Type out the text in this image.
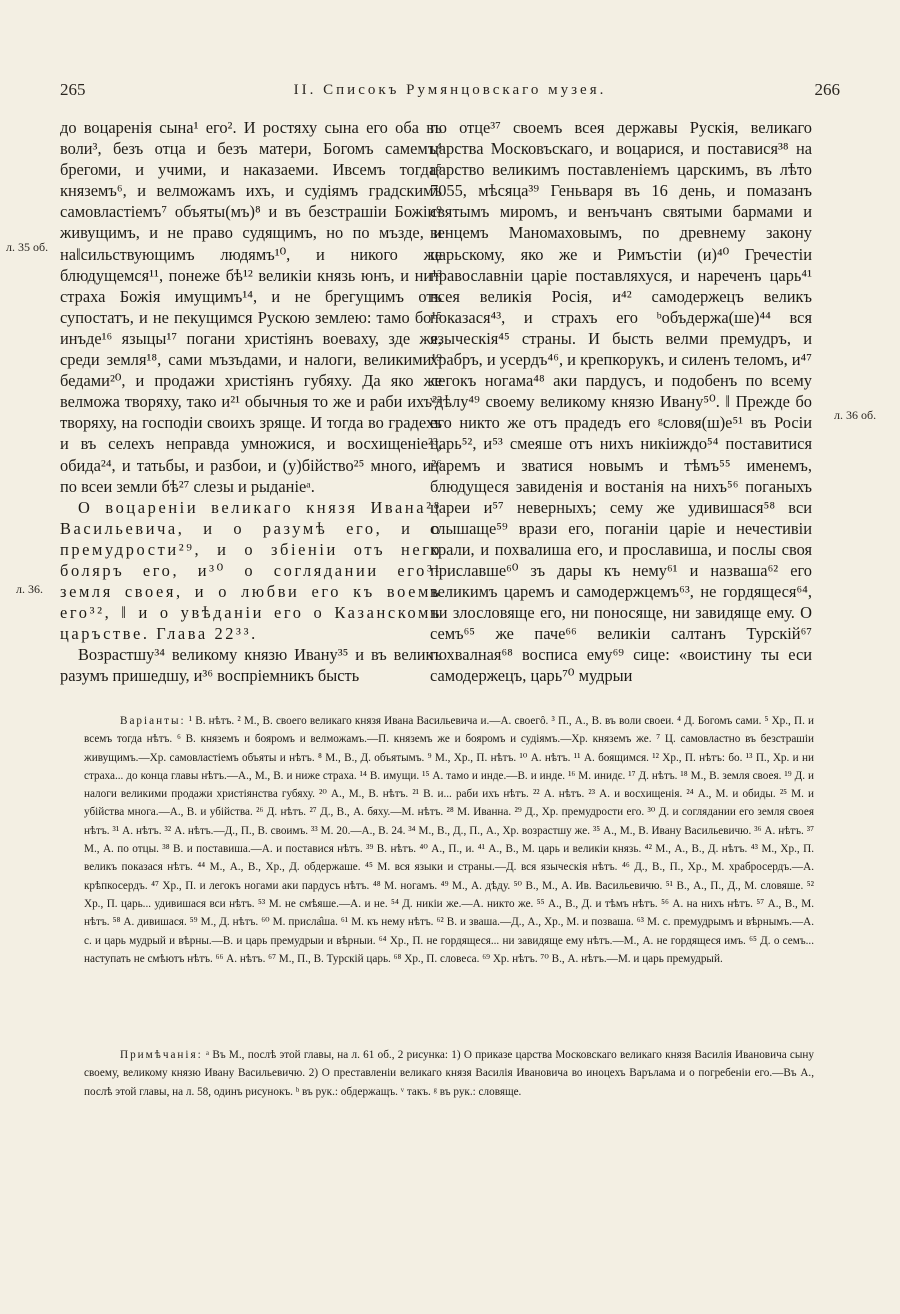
265	II. Списокъ Румянцовскаго музея.	266
л. 35 об.
л. 36.
л. 36 об.

до воцаренія сына¹ его². И ростяху сына его оба въ воли³, безъ отца и безъ матери, Богомъ самемъ⁴ брегоми, и учими, и наказаеми. Ивсемъ тогда⁵ княземъ⁶, и велможамъ ихъ, и судіямъ градскимъ самовластіемъ⁷ объяты(мъ)⁸ и въ безстрашіи Божіи⁹ живущимъ, и не право судящимъ, но по мъзде, и на‖сильствующимъ людямъ¹⁰, и никого же блюдущемся¹¹, понеже бѣ¹² великіи князь юнъ, и ни¹³ страха Божія имущимъ¹⁴, и не брегущимъ отъ супостатъ, и не пекущимся Рускою землею: тамо бо¹⁵ инъде¹⁶ языцы¹⁷ погани христіянъ воеваху, зде же, среди земля¹⁸, сами мъзъдами, и налоги, великими¹⁹ бедами²⁰, и продажи христіянъ губяху. Да яко же велможа творяху, тако и²¹ обычныя то же и раби ихъ²² творяху, на господіи своихъ зряще. И тогда во градехъ и въ селехъ неправда умножися, и восхищеніе²³, обида²⁴, и татьбы, и разбои, и (у)бійство²⁵ много, и²⁶ по всеи земли бѣ²⁷ слезы и рыданіеᵃ.

О воцареніи великаго князя Ивана²⁸ Васильевича, и о разумѣ его, и о премудрости²⁹, и о збіеніи отъ него боляръ его, и³⁰ о соглядании его³¹ земля своея, и о любви его къ воемъ его³², ‖ и о увѣданіи его о Казанскомъ царъстве. Глава 22³³.

Возрастшу³⁴ великому князю Ивану³⁵ и въ великъ разумъ пришедшу, и³⁶ воспріемникъ бысть

по отце³⁷ своемъ всея державы Рускія, великаго царства Московъскаго, и воцарися, и поставися³⁸ на царство великимъ поставленіемъ царскимъ, въ лѣто 7055, мѣсяца³⁹ Геньваря въ 16 день, и помазанъ святымъ миромъ, и венъчанъ святыми бармами и венцемъ Маномаховымъ, по древнему закону царьскому, яко же и Римъстіи (и)⁴⁰ Гречестіи православніи царіе поставляхуся, и нареченъ царь⁴¹ всея великія Росія, и⁴² самодержецъ великъ показася⁴³, и страхъ его ᵇобъдержа(ше)⁴⁴ вся языческія⁴⁵ страны. И бысть велми премудръ, и храбръ, и усердъ⁴⁶, и крепкорукъ, и силенъ теломъ, и⁴⁷ легокъ ногама⁴⁸ аки пардусъ, и подобенъ по всему ᵛдѣлу⁴⁹ своему великому князю Ивану⁵⁰. ‖ Прежде бо его никто же отъ прадедъ его ᵍсловя(ш)е⁵¹ въ Росіи царь⁵², и⁵³ смеяше отъ нихъ никіиждо⁵⁴ поставитися царемъ и зватися новымъ и тѣмъ⁵⁵ именемъ, блюдущеся завиденія и востанія на нихъ⁵⁶ поганыхъ цареи и⁵⁷ неверныхъ; сему же удивишася⁵⁸ вси слышаще⁵⁹ врази его, поганіи царіе и нечестивіи крали, и похвалиша его, и прославиша, и послы своя приславше⁶⁰ зъ дары къ нему⁶¹ и назваша⁶² его великимъ царемъ и самодержцемъ⁶³, не гордящеся⁶⁴, ни злословяще его, ни поносяще, ни завидяще ему. О семъ⁶⁵ же паче⁶⁶ великіи салтанъ Турскій⁶⁷ похвалная⁶⁸ воспиcа ему⁶⁹ сице: «воистину ты еси самодержецъ, царь⁷⁰ мудрыи

Варіанты: ¹ В. нѣтъ. ² М., В. своего великаго князя Ивана Васильевича и.—А. своегô. ³ П., А., В. въ воли своеи. ⁴ Д. Богомъ сами. ⁵ Хр., П. и всемъ тогда нѣтъ. ⁶ В. княземъ и бояромъ и велможамъ.—П. княземъ же и бояромъ и судіямъ.—Хр. княземъ же. ⁷ Ц. самовластно въ безстрашіи живущимъ.—Хр. самовластіемъ объяты и нѣтъ. ⁸ М., В., Д. объятымъ. ⁹ М., Хр., П. нѣтъ. ¹⁰ А. нѣтъ. ¹¹ А. боящимся. ¹² Хр., П. нѣтъ: бо. ¹³ П., Хр. и ни страха... до конца главы нѣтъ.—А., М., В. и ниже страха. ¹⁴ В. имущи. ¹⁵ А. тамо и инде.—В. и инде. ¹⁶ М. инидє. ¹⁷ Д. нѣтъ. ¹⁸ М., В. земля своея. ¹⁹ Д. и налоги великими продажи христіянства губяху. ²⁰ А., М., В. нѣтъ. ²¹ В. и... раби ихъ нѣтъ. ²² А. нѣтъ. ²³ А. и восхищенія. ²⁴ А., М. и обиды. ²⁵ М. и убійства многа.—А., В. и убійства. ²⁶ Д. нѣтъ. ²⁷ Д., В., А. бяху.—М. нѣтъ. ²⁸ М. Иванна. ²⁹ Д., Хр. премудрости его. ³⁰ Д. и соглядании его земля своея нѣтъ. ³¹ А. нѣтъ. ³² А. нѣтъ.—Д., П., В. своимъ. ³³ М. 20.—А., В. 24. ³⁴ М., В., Д., П., А., Хр. возрастшу же. ³⁵ А., М., В. Ивану Васильевичю. ³⁶ А. нѣтъ. ³⁷ М., А. по отцы. ³⁸ В. и поставиша.—А. и поставися нѣтъ. ³⁹ В. нѣтъ. ⁴⁰ А., П., и. ⁴¹ А., В., М. царь и великіи князь. ⁴² М., А., В., Д. нѣтъ. ⁴³ М., Хр., П. великъ показася нѣтъ. ⁴⁴ М., А., В., Хр., Д. обдержаше. ⁴⁵ М. вся языки и страны.—Д. вся языческія нѣтъ. ⁴⁶ Д., В., П., Хр., М. храбросердъ.—А. крѣпкосердъ. ⁴⁷ Хр., П. и легокъ ногами аки пардусъ нѣтъ. ⁴⁸ М. ногамъ. ⁴⁹ М., А. дѣду. ⁵⁰ В., М., А. Ив. Васильевичю. ⁵¹ В., А., П., Д., М. словяше. ⁵² Хр., П. царь... удивишася вси нѣтъ. ⁵³ М. не смѣяше.—А. и не. ⁵⁴ Д. никіи же.—А. никто же. ⁵⁵ А., В., Д. и тѣмъ нѣтъ. ⁵⁶ А. на нихъ нѣтъ. ⁵⁷ А., В., М. нѣтъ. ⁵⁸ А. дивишася. ⁵⁹ М., Д. нѣтъ. ⁶⁰ М. присла̂ша. ⁶¹ М. къ нему нѣтъ. ⁶² В. и зваша.—Д., А., Хр., М. и позваша. ⁶³ М. с. премудрымъ и вѣрнымъ.—А. с. и царь мудрый и вѣрны.—В. и царь премудрыи и вѣрныи. ⁶⁴ Хр., П. не гордящеся... ни завидяще ему нѣтъ.—М., А. не гордящеся имъ. ⁶⁵ Д. о семъ... наступать не смѣютъ нѣтъ. ⁶⁶ А. нѣтъ. ⁶⁷ М., П., В. Турскій царь. ⁶⁸ Хр., П. словеса. ⁶⁹ Хр. нѣтъ. ⁷⁰ В., А. нѣтъ.—М. и царь премудрый.

Примѣчанія: ᵃ Въ М., послѣ этой главы, на л. 61 об., 2 рисунка: 1) О приказе царства Московскаго великаго князя Василія Ивановича сыну своему, великому князю Ивану Васильевичю. 2) О преставленіи великаго князя Василія Ивановича во иноцехъ Варълама и о погребеніи его.—Въ А., послѣ этой главы, на л. 58, одинъ рисунокъ. ᵇ въ рук.: обдержащъ. ᵛ такъ. ᵍ въ рук.: словяще.
